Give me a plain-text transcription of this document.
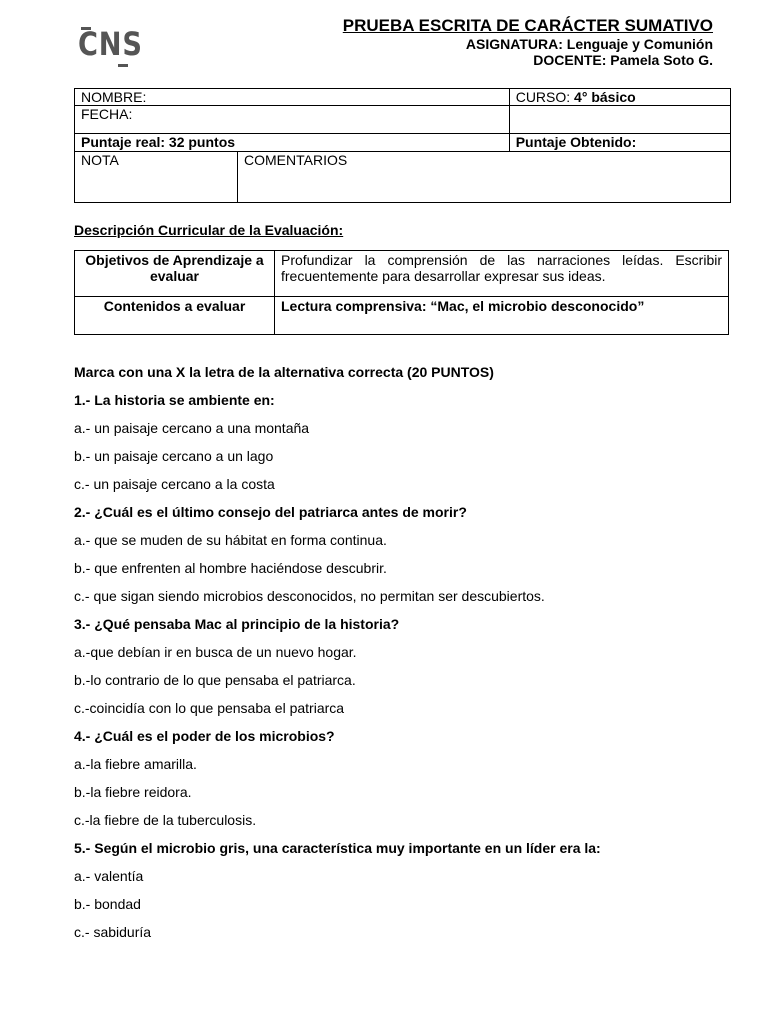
CNS	PRUEBA ESCRITA DE CARÁCTER SUMATIVO
ASIGNATURA: Lenguaje y Comunión
DOCENTE: Pamela Soto G.
NOMBRE:		CURSO: 4° básico
FECHA:		
Puntaje real: 32 puntos		Puntaje Obtenido:
NOTA	COMENTARIOS	
Descripción Curricular de la Evaluación:
Objetivos de Aprendizaje a evaluar	Profundizar la comprensión de las narraciones leídas. Escribir frecuentemente para desarrollar expresar sus ideas.
Contenidos a evaluar	Lectura comprensiva: “Mac, el microbio desconocido”
Marca con una X la letra de la alternativa correcta (20 PUNTOS)
1.- La historia se ambiente en:
a.- un paisaje cercano a una montaña
b.- un paisaje cercano a un lago
c.- un paisaje cercano a la costa
2.- ¿Cuál es el último consejo del patriarca antes de morir?
a.- que se muden de su hábitat en forma continua.
b.- que enfrenten al hombre haciéndose descubrir.
c.- que sigan siendo microbios desconocidos, no permitan ser descubiertos.
3.- ¿Qué pensaba Mac al principio de la historia?
a.-que debían ir en busca de un nuevo hogar.
b.-lo contrario de lo que pensaba el patriarca.
c.-coincidía con lo que pensaba el patriarca
4.- ¿Cuál es el poder de los microbios?
a.-la fiebre amarilla.
b.-la fiebre reidora.
c.-la fiebre de la tuberculosis.
5.- Según el microbio gris, una característica muy importante en un líder era la:
a.- valentía
b.- bondad
c.- sabiduría
